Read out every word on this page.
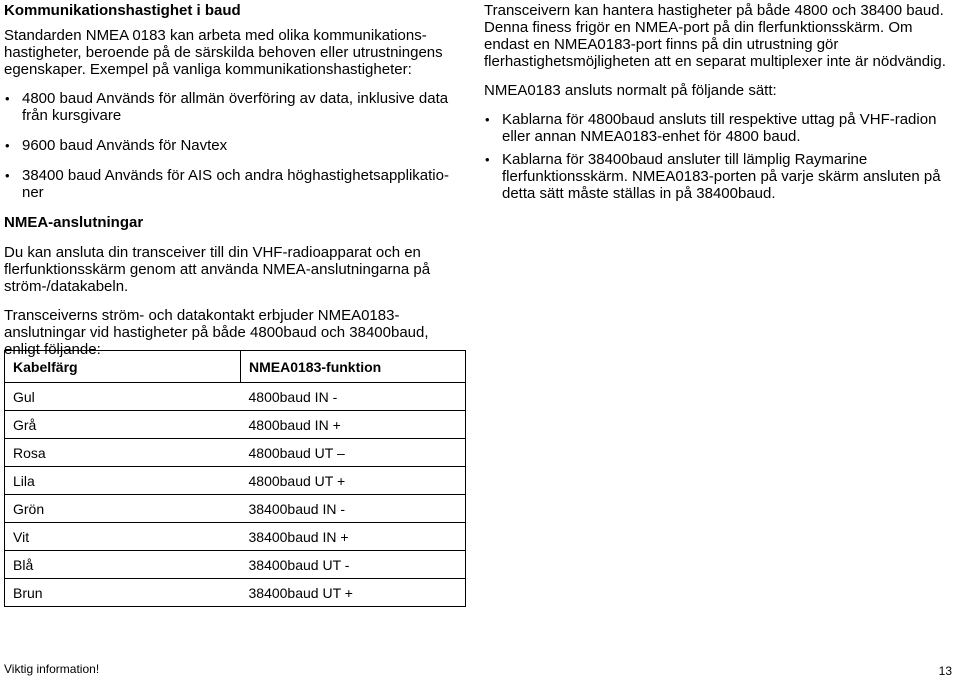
Kommunikationshastighet i baud

Standarden NMEA 0183 kan arbeta med olika kommunikations-hastigheter, beroende på de särskilda behoven eller utrustningens egenskaper. Exempel på vanliga kommunikationshastigheter:

• 4800 baud Används för allmän överföring av data, inklusive data från kursgivare
• 9600 baud Används för Navtex
• 38400 baud Används för AIS och andra höghastighetsapplikatio-ner

NMEA-anslutningar

Du kan ansluta din transceiver till din VHF-radioapparat och en flerfunktionsskärm genom att använda NMEA-anslutningarna på ström-/datakabeln.

Transceiverns ström- och datakontakt erbjuder NMEA0183-anslutningar vid hastigheter på både 4800baud och 38400baud, enligt följande:

Kabelfärg	NMEA0183-funktion
Gul	4800baud IN -
Grå	4800baud IN +
Rosa	4800baud UT –
Lila	4800baud UT +
Grön	38400baud IN -
Vit	38400baud IN +
Blå	38400baud UT -
Brun	38400baud UT +

Transceivern kan hantera hastigheter på både 4800 och 38400 baud. Denna finess frigör en NMEA-port på din flerfunktionsskärm. Om endast en NMEA0183-port finns på din utrustning gör flerhastighetsmöjligheten att en separat multiplexer inte är nödvändig.

NMEA0183 ansluts normalt på följande sätt:

• Kablarna för 4800baud ansluts till respektive uttag på VHF-radion eller annan NMEA0183-enhet för 4800 baud.
• Kablarna för 38400baud ansluter till lämplig Raymarine flerfunktionsskärm. NMEA0183-porten på varje skärm ansluten på detta sätt måste ställas in på 38400baud.
Viktig information!	13
